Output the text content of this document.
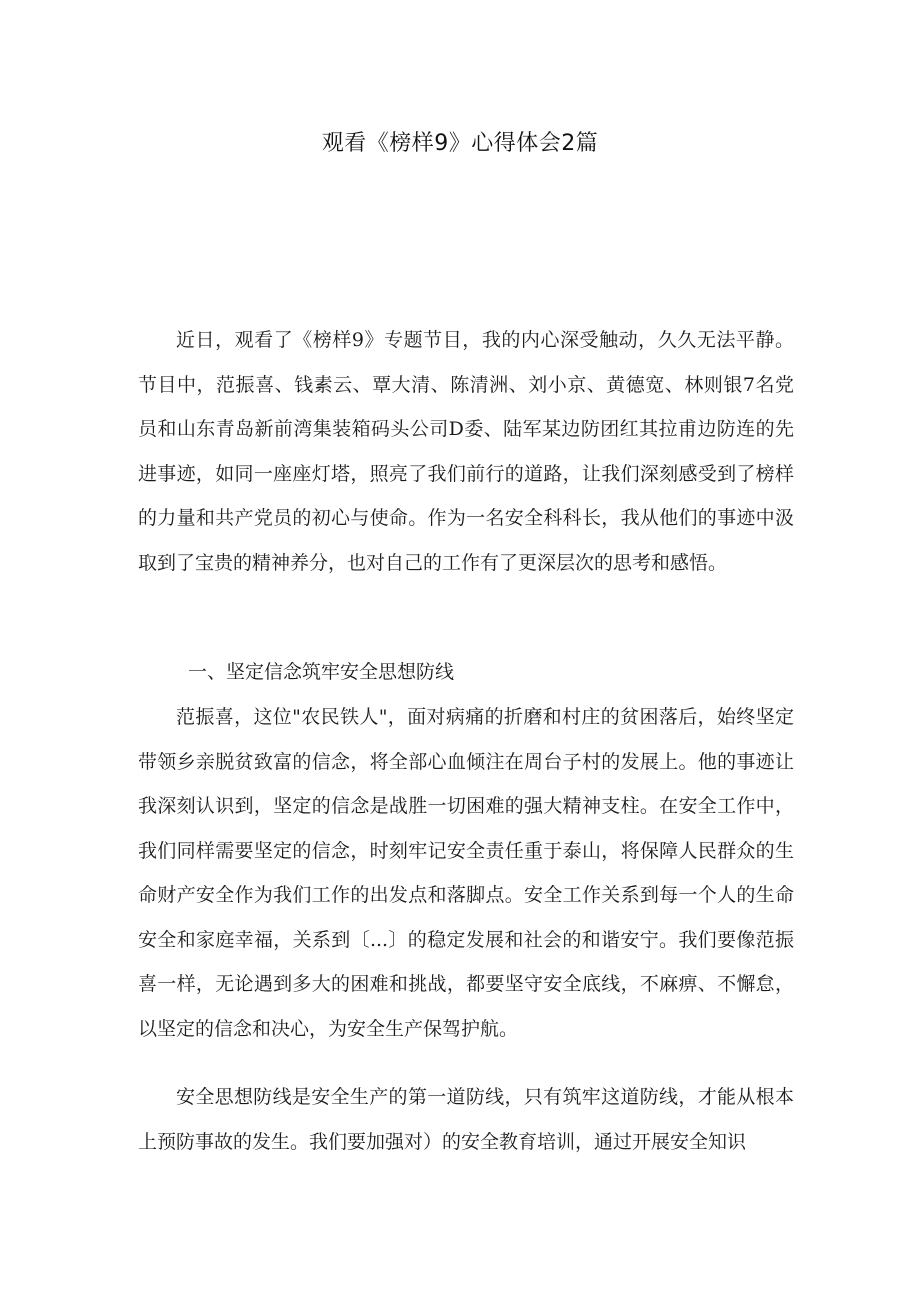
观看《榜样9》心得体会2篇

近日，观看了《榜样9》专题节目，我的内心深受触动，久久无法平静。节目中，范振喜、钱素云、覃大清、陈清洲、刘小京、黄德宽、林则银7名党员和山东青岛新前湾集装箱码头公司D委、陆军某边防团红其拉甫边防连的先进事迹，如同一座座灯塔，照亮了我们前行的道路，让我们深刻感受到了榜样的力量和共产党员的初心与使命。作为一名安全科科长，我从他们的事迹中汲取到了宝贵的精神养分，也对自己的工作有了更深层次的思考和感悟。

一、坚定信念筑牢安全思想防线

范振喜，这位"农民铁人"，面对病痛的折磨和村庄的贫困落后，始终坚定带领乡亲脱贫致富的信念，将全部心血倾注在周台子村的发展上。他的事迹让我深刻认识到，坚定的信念是战胜一切困难的强大精神支柱。在安全工作中，我们同样需要坚定的信念，时刻牢记安全责任重于泰山，将保障人民群众的生命财产安全作为我们工作的出发点和落脚点。安全工作关系到每一个人的生命安全和家庭幸福，关系到〔...〕的稳定发展和社会的和谐安宁。我们要像范振喜一样，无论遇到多大的困难和挑战，都要坚守安全底线，不麻痹、不懈怠，以坚定的信念和决心，为安全生产保驾护航。

安全思想防线是安全生产的第一道防线，只有筑牢这道防线，才能从根本上预防事故的发生。我们要加强对）的安全教育培训，通过开展安全知识
